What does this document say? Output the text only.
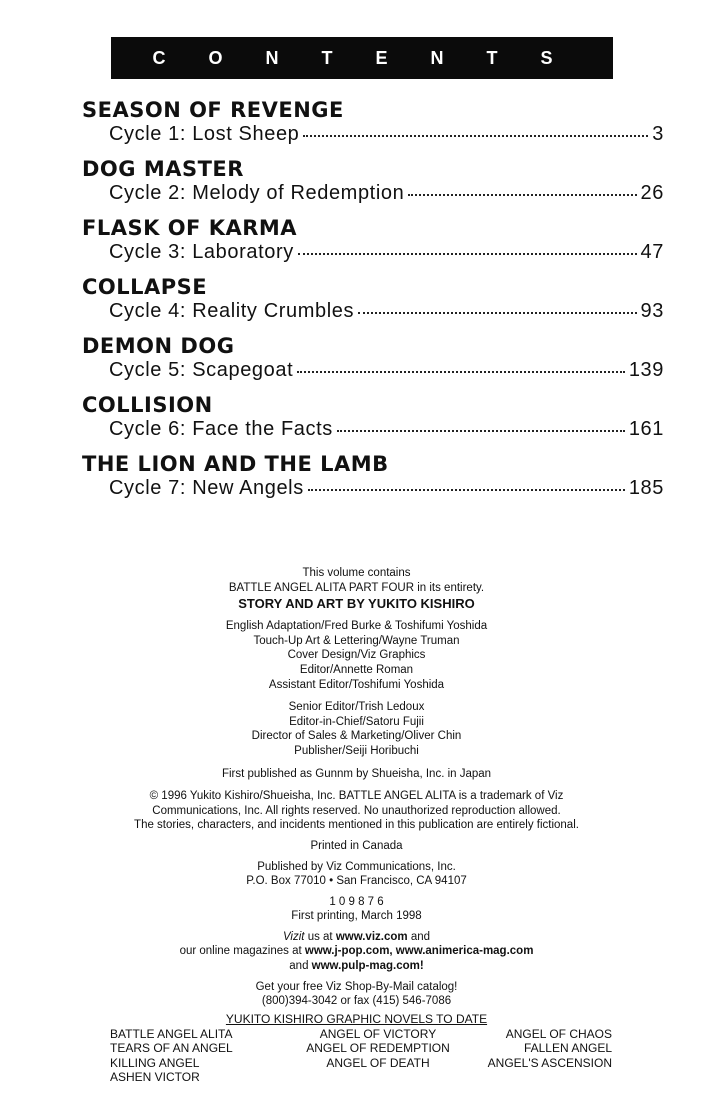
C O N T E N T S
SEASON OF REVENGE
Cycle 1: Lost Sheep	3
DOG MASTER
Cycle 2: Melody of Redemption	26
FLASK OF KARMA
Cycle 3: Laboratory	47
COLLAPSE
Cycle 4: Reality Crumbles	93
DEMON DOG
Cycle 5: Scapegoat	139
COLLISION
Cycle 6: Face the Facts	161
THE LION AND THE LAMB
Cycle 7: New Angels	185

This volume contains

BATTLE ANGEL ALITA PART FOUR in its entirety.

STORY AND ART BY YUKITO KISHIRO

English Adaptation/Fred Burke & Toshifumi Yoshida

Touch-Up Art & Lettering/Wayne Truman

Cover Design/Viz Graphics

Editor/Annette Roman

Assistant Editor/Toshifumi Yoshida

Senior Editor/Trish Ledoux

Editor-in-Chief/Satoru Fujii

Director of Sales & Marketing/Oliver Chin

Publisher/Seiji Horibuchi

First published as Gunnm by Shueisha, Inc. in Japan

© 1996 Yukito Kishiro/Shueisha, Inc. BATTLE ANGEL ALITA is a trademark of Viz

Communications, Inc. All rights reserved. No unauthorized reproduction allowed.

The stories, characters, and incidents mentioned in this publication are entirely fictional.

Printed in Canada

Published by Viz Communications, Inc.

P.O. Box 77010 • San Francisco, CA 94107

1 0 9 8 7 6

First printing, March 1998

Vizit us at www.viz.com and

our online magazines at www.j-pop.com, www.animerica-mag.com

and www.pulp-mag.com!

Get your free Viz Shop-By-Mail catalog!

(800)394-3042 or fax (415) 546-7086

YUKITO KISHIRO GRAPHIC NOVELS TO DATE
BATTLE ANGEL ALITA
TEARS OF AN ANGEL
KILLING ANGEL
ASHEN VICTOR
ANGEL OF VICTORY
ANGEL OF REDEMPTION
ANGEL OF DEATH
ANGEL OF CHAOS
FALLEN ANGEL
ANGEL'S ASCENSION
